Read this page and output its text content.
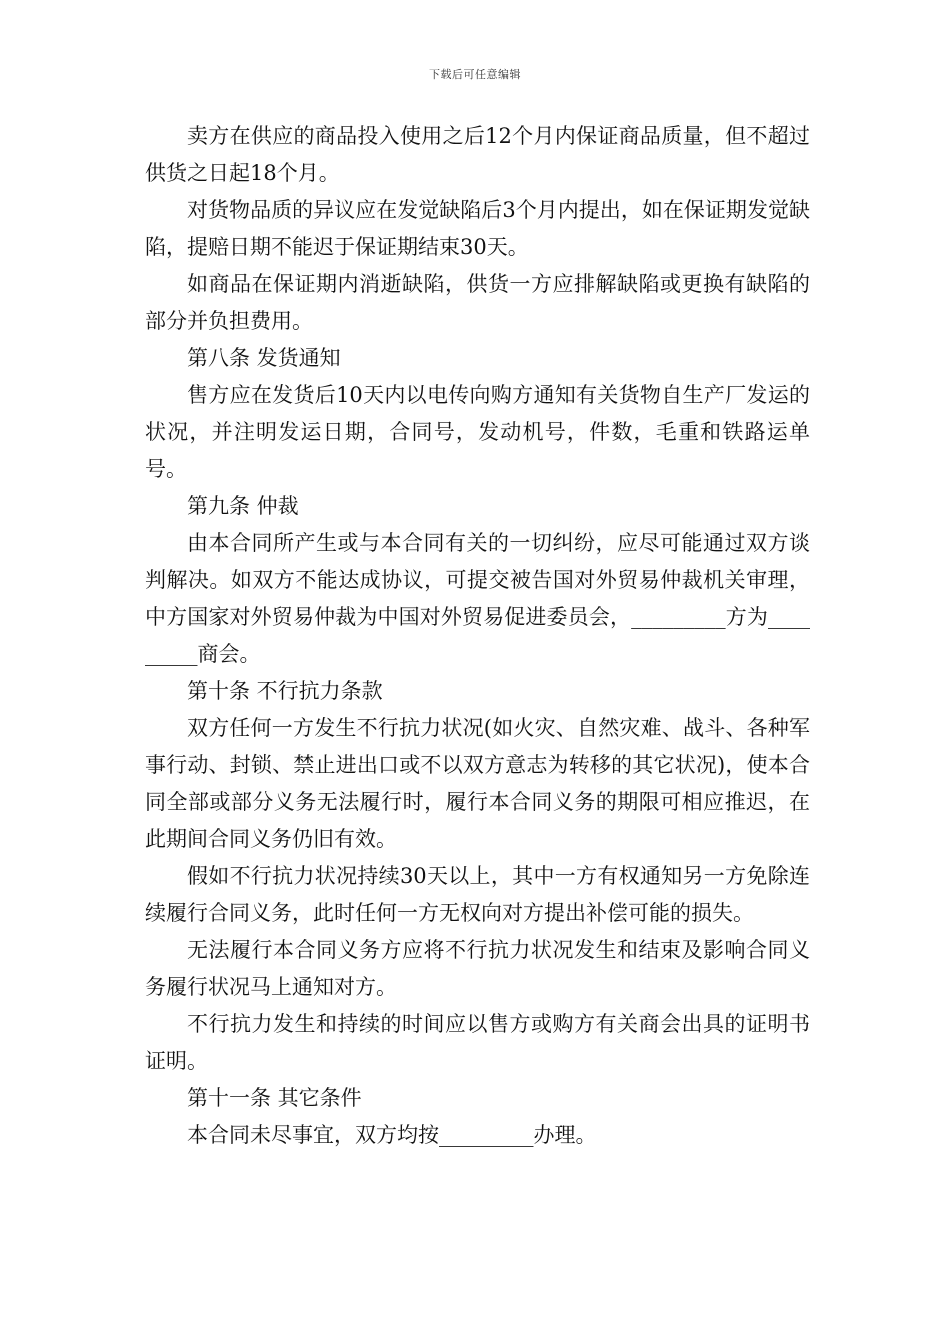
下载后可任意编辑

卖方在供应的商品投入使用之后12个月内保证商品质量，但不超过供货之日起18个月。

对货物品质的异议应在发觉缺陷后3个月内提出，如在保证期发觉缺陷，提赔日期不能迟于保证期结束30天。

如商品在保证期内消逝缺陷，供货一方应排解缺陷或更换有缺陷的部分并负担费用。

第八条 发货通知

售方应在发货后10天内以电传向购方通知有关货物自生产厂发运的状况，并注明发运日期，合同号，发动机号，件数，毛重和铁路运单号。

第九条 仲裁

由本合同所产生或与本合同有关的一切纠纷，应尽可能通过双方谈判解决。如双方不能达成协议，可提交被告国对外贸易仲裁机关审理，中方国家对外贸易仲裁为中国对外贸易促进委员会，_________方为_________商会。

第十条 不行抗力条款

双方任何一方发生不行抗力状况(如火灾、自然灾难、战斗、各种军事行动、封锁、禁止进出口或不以双方意志为转移的其它状况)，使本合同全部或部分义务无法履行时，履行本合同义务的期限可相应推迟，在此期间合同义务仍旧有效。

假如不行抗力状况持续30天以上，其中一方有权通知另一方免除连续履行合同义务，此时任何一方无权向对方提出补偿可能的损失。

无法履行本合同义务方应将不行抗力状况发生和结束及影响合同义务履行状况马上通知对方。

不行抗力发生和持续的时间应以售方或购方有关商会出具的证明书证明。

第十一条 其它条件

本合同未尽事宜，双方均按_________办理。
